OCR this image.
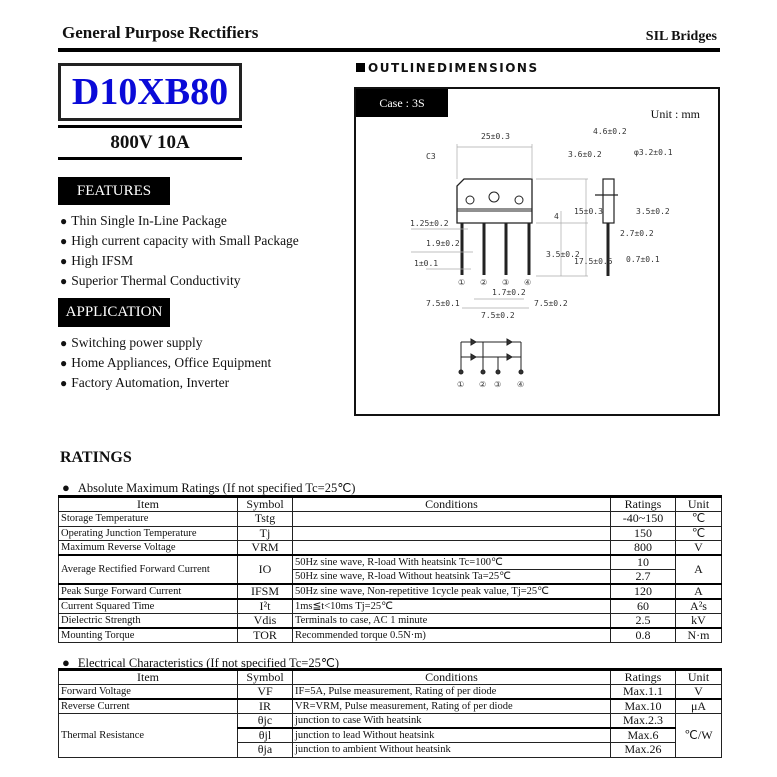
General Purpose Rectifiers	SIL Bridges
D10XB80
800V 10A
FEATURES
● Thin Single In-Line Package
● High current capacity with Small Package
● High IFSM
● Superior Thermal Conductivity
APPLICATION
● Switching power supply
● Home Appliances, Office Equipment
● Factory Automation, Inverter
OUTLINEDIMENSIONS
Case : 3S
Unit : mm
25±0.3
C3
4.6±0.2
3.6±0.2	φ3.2±0.1
15±0.3
4
3.5±0.2
17.5±0.5
1.25±0.2
1.9±0.2
1±0.1
3.5±0.2
2.7±0.2
0.7±0.1
1.7±0.2
7.5±0.1	7.5±0.2
7.5±0.2
① ② ③ ④
① ② ③ ④
RATINGS
● Absolute Maximum Ratings (If not specified Tc=25℃)
Item	Symbol	Conditions	Ratings	Unit
Storage Temperature	Tstg		-40~150	℃
Operating Junction Temperature	Tj		150	℃
Maximum Reverse Voltage	VRM		800	V
Average Rectified Forward Current	IO	50Hz sine wave, R-load With heatsink Tc=100℃	10	A
		50Hz sine wave, R-load Without heatsink Ta=25℃	2.7	
Peak Surge Forward Current	IFSM	50Hz sine wave, Non-repetitive 1cycle peak value, Tj=25℃	120	A
Current Squared Time	I²t	1ms≦t<10ms Tj=25℃	60	A²s
Dielectric Strength	Vdis	Terminals to case, AC 1 minute	2.5	kV
Mounting Torque	TOR	Recommended torque 0.5N·m)	0.8	N·m
● Electrical Characteristics (If not specified Tc=25℃)
Item	Symbol	Conditions	Ratings	Unit
Forward Voltage	VF	IF=5A, Pulse measurement, Rating of per diode	Max.1.1	V
Reverse Current	IR	VR=VRM, Pulse measurement, Rating of per diode	Max.10	μA
Thermal Resistance	θjc	junction to case With heatsink	Max.2.3	℃/W
	θjl	junction to lead Without heatsink	Max.6	
	θja	junction to ambient Without heatsink	Max.26	
